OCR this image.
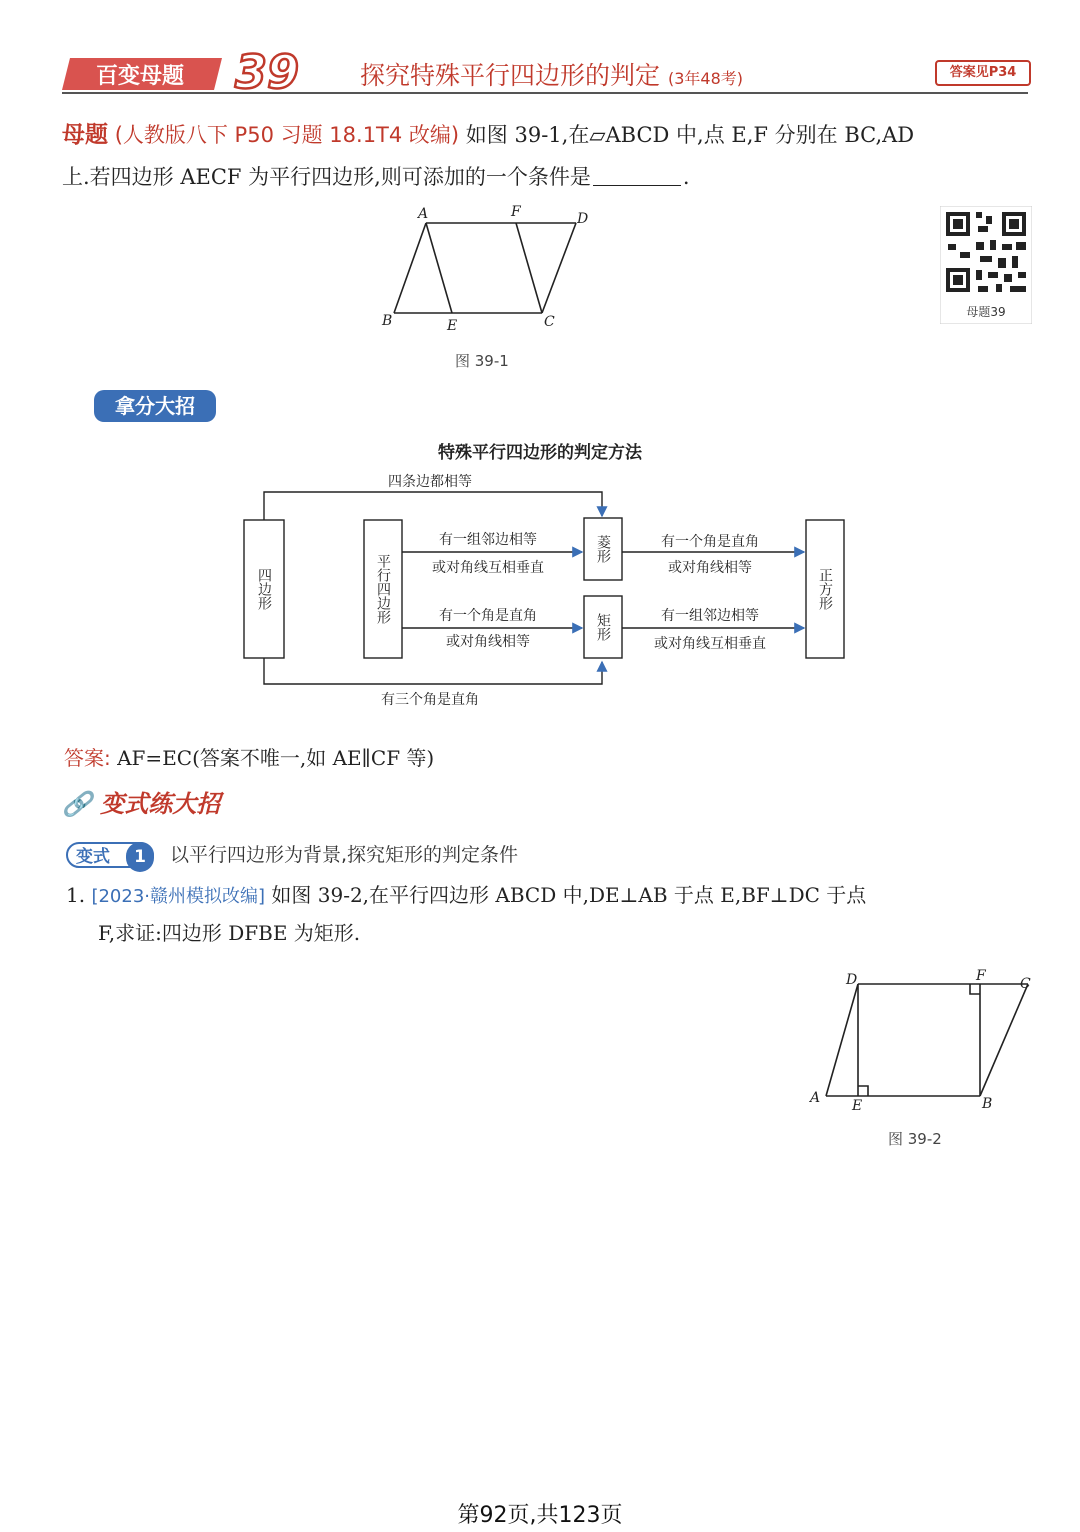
百变母题 39 探究特殊平行四边形的判定 (3年48考)	答案见P34
母题 (人教版八下 P50 习题 18.1T4 改编) 如图 39-1,在▱ABCD 中,点 E,F 分别在 BC,AD
上.若四边形 AECF 为平行四边形,则可添加的一个条件是	.
A	F	D
B	E	C
图 39-1
母题39
拿分大招
特殊平行四边形的判定方法
四条边都相等
有三个角是直角
有一组邻边相等
或对角线互相垂直
有一个角是直角
或对角线相等
有一个角是直角
或对角线相等
有一组邻边相等
或对角线互相垂直
四边形	平行四边形
菱形
矩形
正方形
答案: AF=EC(答案不唯一,如 AE∥CF 等)
🔗 变式练大招
变式	1	以平行四边形为背景,探究矩形的判定条件
1. [2023·赣州模拟改编] 如图 39-2,在平行四边形 ABCD 中,DE⊥AB 于点 E,BF⊥DC 于点
F,求证:四边形 DFBE 为矩形.
D	F C
A E	B
图 39-2
第92页,共123页
